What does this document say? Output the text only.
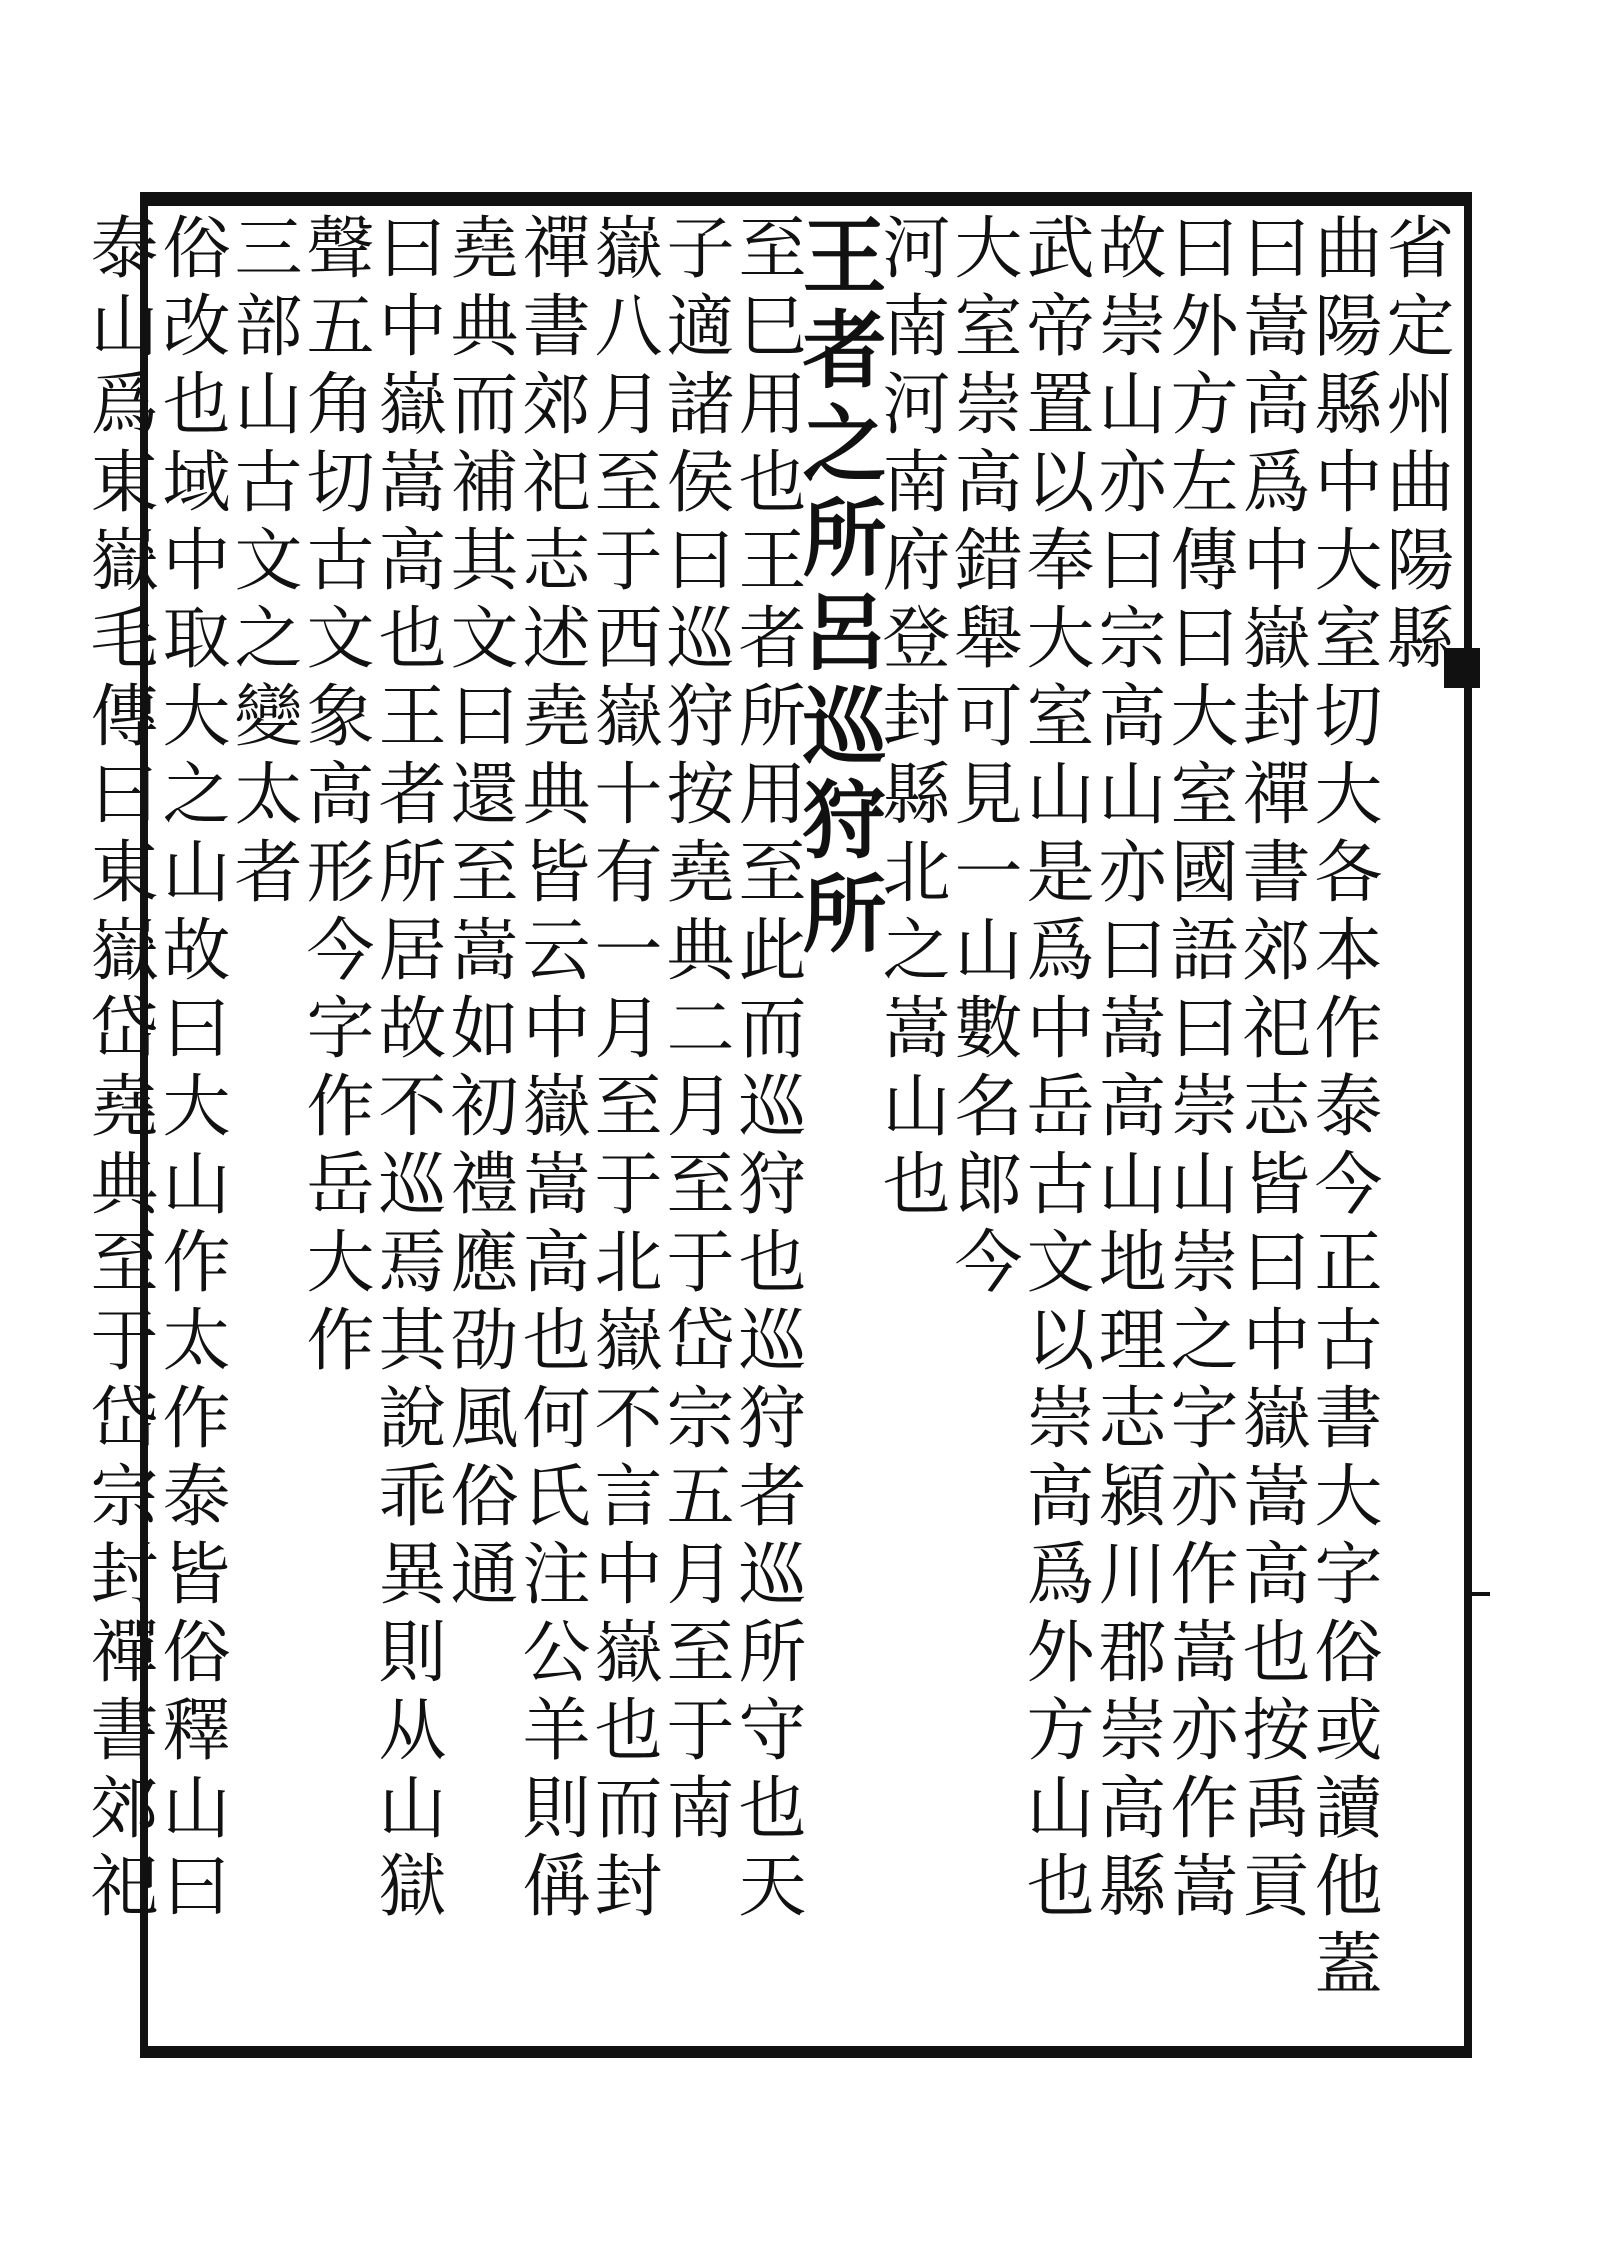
省定州曲陽縣
曲陽縣中大室切大各本作泰今正古書大字俗或讀他蓋
曰嵩高爲中嶽封禪書郊祀志皆曰中嶽嵩高也按禹貢
曰外方左傳曰大室國語曰崇山崇之字亦作嵩亦作嵩
故崇山亦曰宗高山亦曰嵩高山地理志潁川郡崇高縣
武帝置以奉大室山是爲中岳古文以崇高爲外方山也
大室崇高錯舉可見一山數名郎今
河南河南府登封縣北之嵩山也
王者之所呂巡狩所
至巳用也王者所用至此而巡狩也巡狩者巡所守也天
子適諸侯曰巡狩按堯典二月至于岱宗五月至于南
嶽八月至于西嶽十有一月至于北嶽不言中嶽也而封
禪書郊祀志述堯典皆云中嶽嵩高也何氏注公羊則偁
堯典而補其文曰還至嵩如初禮應劭風俗通
曰中嶽嵩高也王者所居故不巡焉其說乖異則从山獄
聲五角切古文象高形今字作岳大作
三部山古文之變太者
俗改也域中取大之山故曰大山作太作泰皆俗釋山曰
泰山爲東嶽毛傳曰東嶽岱堯典至于岱宗封禪書郊祀
